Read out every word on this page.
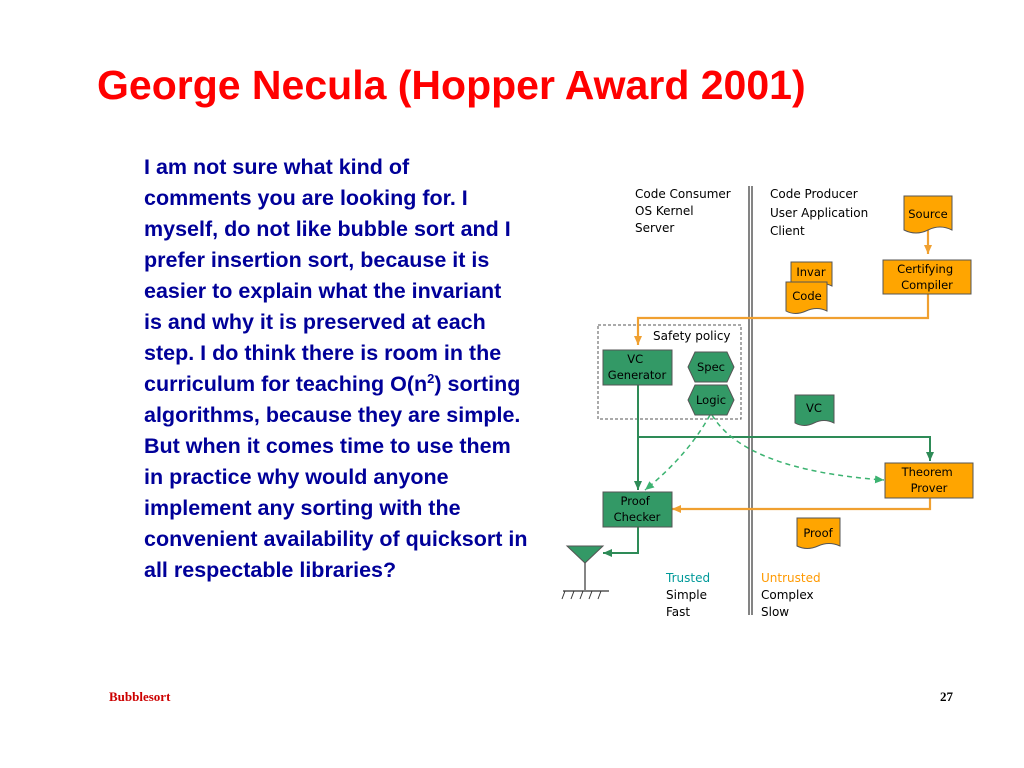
George Necula (Hopper Award 2001)
I am not sure what kind of
comments you are looking for. I
myself, do not like bubble sort and I
prefer insertion sort, because it is
easier to explain what the invariant
is and why it is preserved at each
step. I do think there is room in the
curriculum for teaching $O(n^2)$ sorting
algorithms, because they are simple.
But when it comes time to use them
in practice why would anyone
implement any sorting with the
convenient availability of quicksort in
all respectable libraries?
Code Consumer OS Kernel Server
Code Producer User Application Client
Safety policy
Source
Certifying Compiler
Invar
Code
VC Generator
Spec
Logic
VC
Theorem Prover
Proof Checker
Proof
Trusted Simple Fast
Untrusted Complex Slow
Bubblesort	27
